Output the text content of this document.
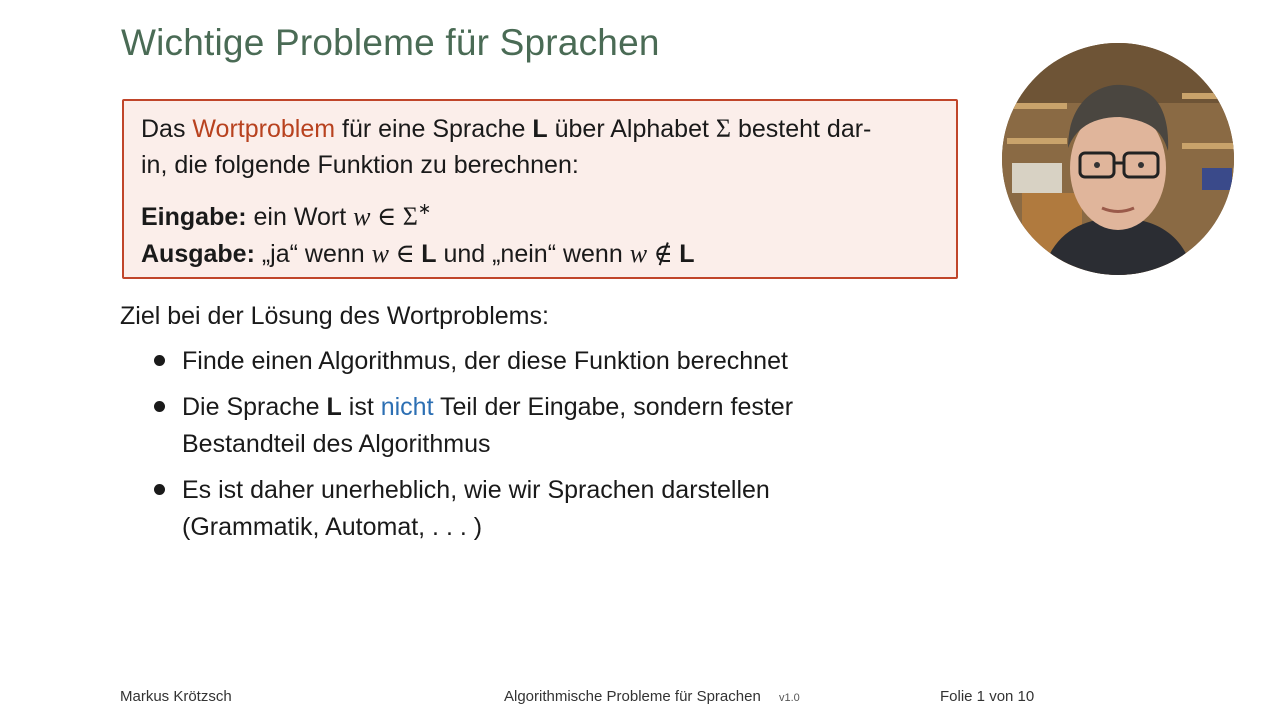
Wichtige Probleme für Sprachen
Das Wortproblem für eine Sprache L über Alphabet Σ besteht dar-
in, die folgende Funktion zu berechnen:
Eingabe: ein Wort w ∈ Σ∗
Ausgabe: „ja“ wenn w ∈ L und „nein“ wenn w ∉ L
Ziel bei der Lösung des Wortproblems:
Finde einen Algorithmus, der diese Funktion berechnet
Die Sprache L ist nicht Teil der Eingabe, sondern fester
Bestandteil des Algorithmus
Es ist daher unerheblich, wie wir Sprachen darstellen
(Grammatik, Automat, . . . )
Markus Krötzsch	Algorithmische Probleme für Sprachen v1.0	Folie 1 von 10
